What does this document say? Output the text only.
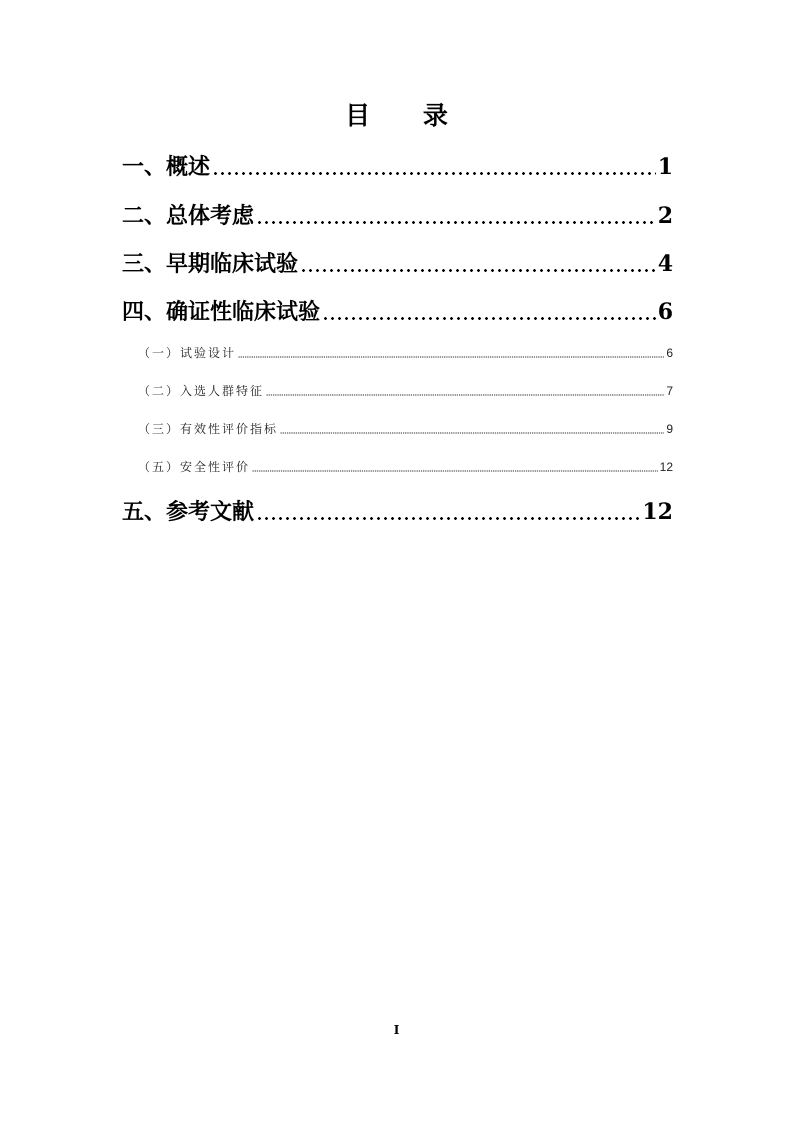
目 录
一、概述	1
二、总体考虑	2
三、早期临床试验	4
四、确证性临床试验	6
（一）试验设计	6
（二）入选人群特征	7
（三）有效性评价指标	9
（五）安全性评价	12
五、参考文献	12
I
